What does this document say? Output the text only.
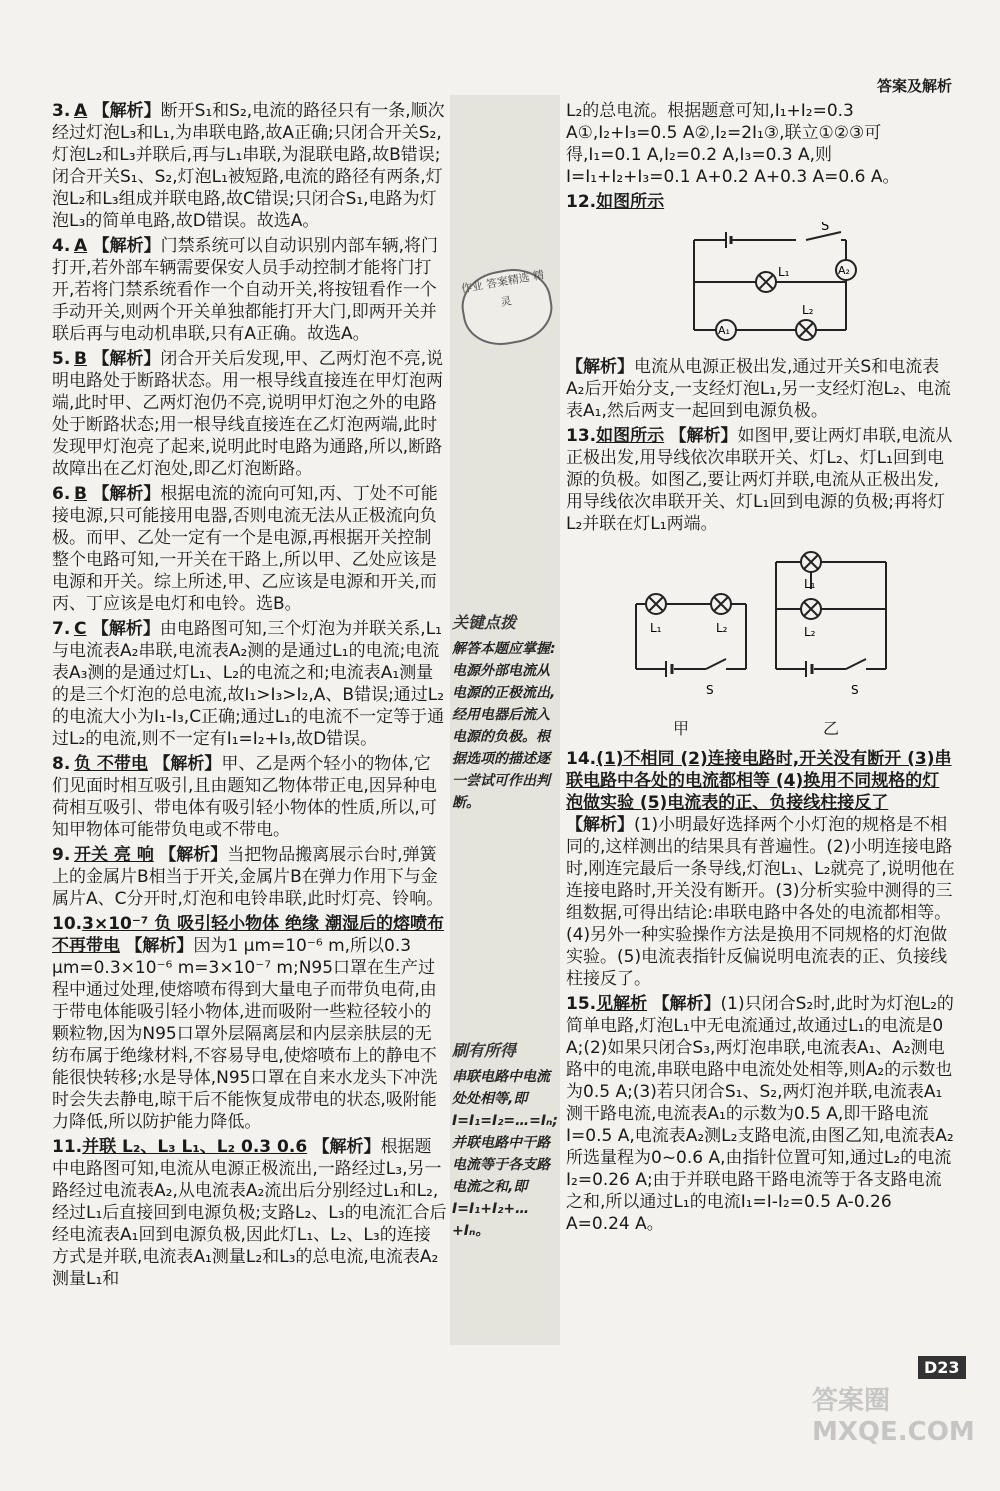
答案及解析
作业 答案精选 精灵
关键点拨
解答本题应掌握:电源外部电流从电源的正极流出,经用电器后流入电源的负极。根据选项的描述逐一尝试可作出判断。
刷有所得
串联电路中电流处处相等,即I=I₁=I₂=…=Iₙ;并联电路中干路电流等于各支路电流之和,即I=I₁+I₂+…+Iₙ。
3. A 【解析】断开S₁和S₂,电流的路径只有一条,顺次经过灯泡L₃和L₁,为串联电路,故A正确;只闭合开关S₂,灯泡L₂和L₃并联后,再与L₁串联,为混联电路,故B错误;闭合开关S₁、S₂,灯泡L₁被短路,电流的路径有两条,灯泡L₂和L₃组成并联电路,故C错误;只闭合S₁,电路为灯泡L₃的简单电路,故D错误。故选A。
4. A 【解析】门禁系统可以自动识别内部车辆,将门打开,若外部车辆需要保安人员手动控制才能将门打开,若将门禁系统看作一个自动开关,将按钮看作一个手动开关,则两个开关单独都能打开大门,即两开关并联后再与电动机串联,只有A正确。故选A。
5. B 【解析】闭合开关后发现,甲、乙两灯泡不亮,说明电路处于断路状态。用一根导线直接连在甲灯泡两端,此时甲、乙两灯泡仍不亮,说明甲灯泡之外的电路处于断路状态;用一根导线直接连在乙灯泡两端,此时发现甲灯泡亮了起来,说明此时电路为通路,所以,断路故障出在乙灯泡处,即乙灯泡断路。
6. B 【解析】根据电流的流向可知,丙、丁处不可能接电源,只可能接用电器,否则电流无法从正极流向负极。而甲、乙处一定有一个是电源,再根据开关控制整个电路可知,一开关在干路上,所以甲、乙处应该是电源和开关。综上所述,甲、乙应该是电源和开关,而丙、丁应该是电灯和电铃。选B。
7. C 【解析】由电路图可知,三个灯泡为并联关系,L₁与电流表A₂串联,电流表A₂测的是通过L₁的电流;电流表A₃测的是通过灯L₁、L₂的电流之和;电流表A₁测量的是三个灯泡的总电流,故I₁>I₃>I₂,A、B错误;通过L₂的电流大小为I₁-I₃,C正确;通过L₁的电流不一定等于通过L₂的电流,则不一定有I₁=I₂+I₃,故D错误。
8. 负 不带电 【解析】甲、乙是两个轻小的物体,它们见面时相互吸引,且由题知乙物体带正电,因异种电荷相互吸引、带电体有吸引轻小物体的性质,所以,可知甲物体可能带负电或不带电。
9. 开关 亮 响 【解析】当把物品搬离展示台时,弹簧上的金属片B相当于开关,金属片B在弹力作用下与金属片A、C分开时,灯泡和电铃串联,此时灯亮、铃响。
10.3×10⁻⁷ 负 吸引轻小物体 绝缘 潮湿后的熔喷布不再带电 【解析】因为1 μm=10⁻⁶ m,所以0.3 μm=0.3×10⁻⁶ m=3×10⁻⁷ m;N95口罩在生产过程中通过处理,使熔喷布得到大量电子而带负电荷,由于带电体能吸引轻小物体,进而吸附一些粒径较小的颗粒物,因为N95口罩外层隔离层和内层亲肤层的无纺布属于绝缘材料,不容易导电,使熔喷布上的静电不能很快转移;水是导体,N95口罩在自来水龙头下冲洗时会失去静电,晾干后不能恢复成带电的状态,吸附能力降低,所以防护能力降低。
11.并联 L₂、L₃ L₁、L₂ 0.3 0.6 【解析】根据题中电路图可知,电流从电源正极流出,一路经过L₃,另一路经过电流表A₂,从电流表A₂流出后分别经过L₁和L₂,经过L₁后直接回到电源负极;支路L₂、L₃的电流汇合后经电流表A₁回到电源负极,因此灯L₁、L₂、L₃的连接方式是并联,电流表A₁测量L₂和L₃的总电流,电流表A₂测量L₁和
L₂的总电流。根据题意可知,I₁+I₂=0.3 A①,I₂+I₃=0.5 A②,I₂=2I₁③,联立①②③可得,I₁=0.1 A,I₂=0.2 A,I₃=0.3 A,则I=I₁+I₂+I₃=0.1 A+0.2 A+0.3 A=0.6 A。
12.如图所示
S
A₂
L₁
L₂
A₁
【解析】电流从电源正极出发,通过开关S和电流表A₂后开始分支,一支经灯泡L₁,另一支经灯泡L₂、电流表A₁,然后两支一起回到电源负极。
13.如图所示 【解析】如图甲,要让两灯串联,电流从正极出发,用导线依次串联开关、灯L₂、灯L₁回到电源的负极。如图乙,要让两灯并联,电流从正极出发,用导线依次串联开关、灯L₁回到电源的负极;再将灯L₂并联在灯L₁两端。
L₁	L₂
S
L₁
L₂
S
甲	乙
14.(1)不相同 (2)连接电路时,开关没有断开 (3)串联电路中各处的电流都相等 (4)换用不同规格的灯泡做实验 (5)电流表的正、负接线柱接反了 【解析】(1)小明最好选择两个小灯泡的规格是不相同的,这样测出的结果具有普遍性。(2)小明连接电路时,刚连完最后一条导线,灯泡L₁、L₂就亮了,说明他在连接电路时,开关没有断开。(3)分析实验中测得的三组数据,可得出结论:串联电路中各处的电流都相等。(4)另外一种实验操作方法是换用不同规格的灯泡做实验。(5)电流表指针反偏说明电流表的正、负接线柱接反了。
15.见解析 【解析】(1)只闭合S₂时,此时为灯泡L₂的简单电路,灯泡L₁中无电流通过,故通过L₁的电流是0 A;(2)如果只闭合S₃,两灯泡串联,电流表A₁、A₂测电路中的电流,串联电路中电流处处相等,则A₂的示数也为0.5 A;(3)若只闭合S₁、S₂,两灯泡并联,电流表A₁测干路电流,电流表A₁的示数为0.5 A,即干路电流I=0.5 A,电流表A₂测L₂支路电流,由图乙知,电流表A₂所选量程为0~0.6 A,由指针位置可知,通过L₂的电流I₂=0.26 A;由于并联电路干路电流等于各支路电流之和,所以通过L₁的电流I₁=I-I₂=0.5 A-0.26 A=0.24 A。
D23
答案圈 MXQE.COM
